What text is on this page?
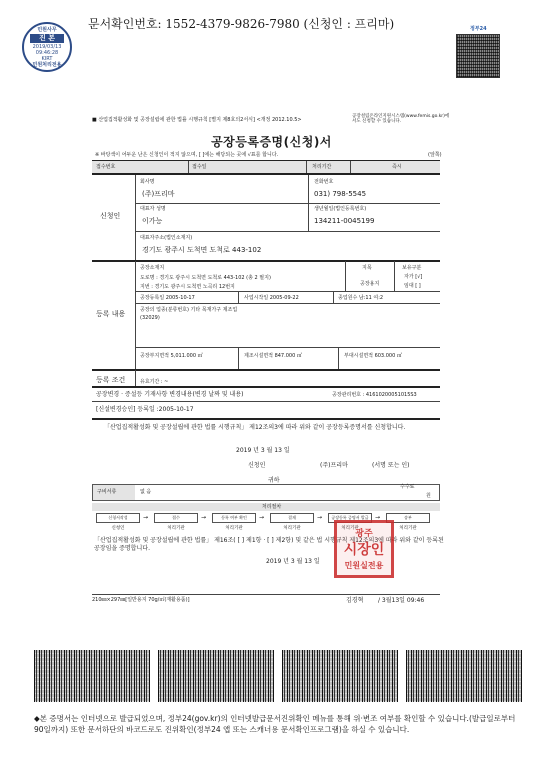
문서확인번호: 1552-4379-9826-7980 (신청인 : 프리마)
민원사무
진 본
2019/03/13
09:46:28
KIRT
민원처리전용
정부24
■ 산업집적활성화 및 공장설립에 관한 법률 시행규칙 [별지 제8호의2서식] <개정 2012.10.5>
공장설립온라인지원시스템(www.femis.go.kr)에서도 신청할 수 있습니다.
공장등록증명(신청)서
※ 바탕색이 어두운 난은 신청인이 적지 않으며, [ ]에는 해당되는 곳에 √표를 합니다.	(앞쪽)
접수번호	접수일	처리기간	즉시
신청인
회사명
(주)프리마
전화번호
031) 798-5545
대표자 성명
이가능
생년월일(법인등록번호)
134211-0045199
대표자주소(법인소재지)
경기도 광주시 도척면 도척로 443-102
등록 내용
공장소재지
도로명 : 경기도 광주시 도척면 도척로 443-102 (총 2 필지)
지번 : 경기도 광주시 도척면 노곡리 12번지
지목
공장용지
보유구분
자가 [√]
임대 [ ]
공장등록일 2005-10-17	사업시작일 2005-09-22	종업원수 남:11 여:2
공장의 업종(분류번호) 기타 목재가구 제조업
(32029)
공장부지면적 5,011.000 ㎡	제조시설면적 847.000 ㎡	부대시설면적 603.000 ㎡
등록 조건	유효기간 : ~
공장변경 · 증설등 기재사항 변경내용(변경 날짜 및 내용)	공장관리번호 : 41610200051015S3
[신설변경승인] 등록일 :2005-10-17
「산업집적활성화 및 공장설립에 관한 법률 시행규칙」 제12조의3에 따라 위와 같이 공장등록증명서를 신청합니다.
2019 년 3 월 13 일
신청인	(주)프리마	(서명 또는 인)
귀하
구비서류	없 음
수수료
원
처리절차
신청서작성
신청인
→	접수
처리기관
→	등록 여부 확인
처리기관
→	결재
처리기관
→	공장등록 증명서 발급
처리기관
→	송부
처리기관
「산업집적활성화 및 공장설립에 관한 법률」 제16조( [ ] 제1항 · [ ] 제2항) 및 같은 법 시행규칙 제12조의3에 따라 위와 같이 등록된 공장임을 증명합니다.
2019 년 3 월 13 일
광주
시장인
민원실전용
210㎜×297㎜[일반용지 70g/㎡(재활용품)]	김경혁 / 3월13일 09:46
◆본 증명서는 인터넷으로 발급되었으며, 정부24(gov.kr)의 인터넷발급문서진위확인 메뉴를 통해 위·변조 여부를 확인할 수 있습니다.(발급일로부터 90일까지) 또한 문서하단의 바코드로도 진위확인(정부24 앱 또는 스캐너용 문서확인프로그램)을 하실 수 있습니다.
